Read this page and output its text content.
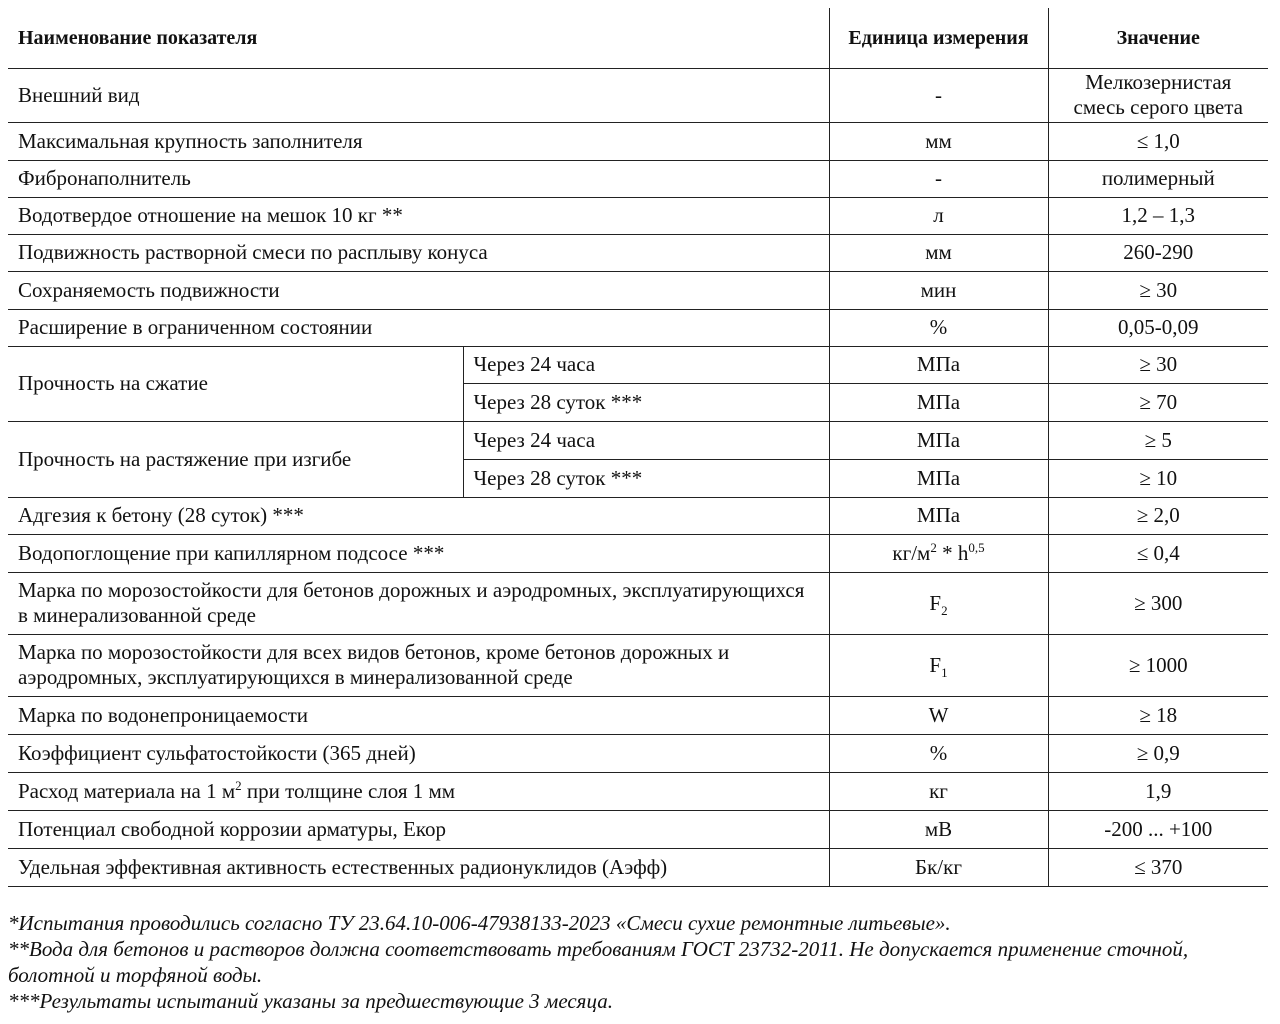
Наименование показателя		Единица измерения	Значение
Внешний вид		-	Мелкозернистая смесь серого цвета
Максимальная крупность заполнителя		мм	≤ 1,0
Фибронаполнитель		-	полимерный
Водотвердое отношение на мешок 10 кг **		л	1,2 – 1,3
Подвижность растворной смеси по расплыву конуса		мм	260-290
Сохраняемость подвижности		мин	≥ 30
Расширение в ограниченном состоянии		%	0,05-0,09
Прочность на сжатие	Через 24 часа	МПа	≥ 30
	Через 28 суток ***	МПа	≥ 70
Прочность на растяжение при изгибе	Через 24 часа	МПа	≥ 5
	Через 28 суток ***	МПа	≥ 10
Адгезия к бетону (28 суток) ***		МПа	≥ 2,0
Водопоглощение при капиллярном подсосе ***		$кг/м^2 * h^{0,5}$	≤ 0,4
Марка по морозостойкости для бетонов дорожных и аэродромных, эксплуатирующихся в минерализованной среде		$F_2$	≥ 300
Марка по морозостойкости для всех видов бетонов, кроме бетонов дорожных и аэродромных, эксплуатирующихся в минерализованной среде		$F_1$	≥ 1000
Марка по водонепроницаемости		W	≥ 18
Коэффициент сульфатостойкости (365 дней)		%	≥ 0,9
Расход материала на 1 $м^2$ при толщине слоя 1 мм		кг	1,9
Потенциал свободной коррозии арматуры, Екор		мВ	-200 ... +100
Удельная эффективная активность естественных радионуклидов (Аэфф)		Бк/кг	≤ 370

*Испытания проводились согласно ТУ 23.64.10-006-47938133-2023 «Смеси сухие ремонтные литьевые».

**Вода для бетонов и растворов должна соответствовать требованиям ГОСТ 23732-2011. Не допускается применение сточной, болотной и торфяной воды.

***Результаты испытаний указаны за предшествующие 3 месяца.
